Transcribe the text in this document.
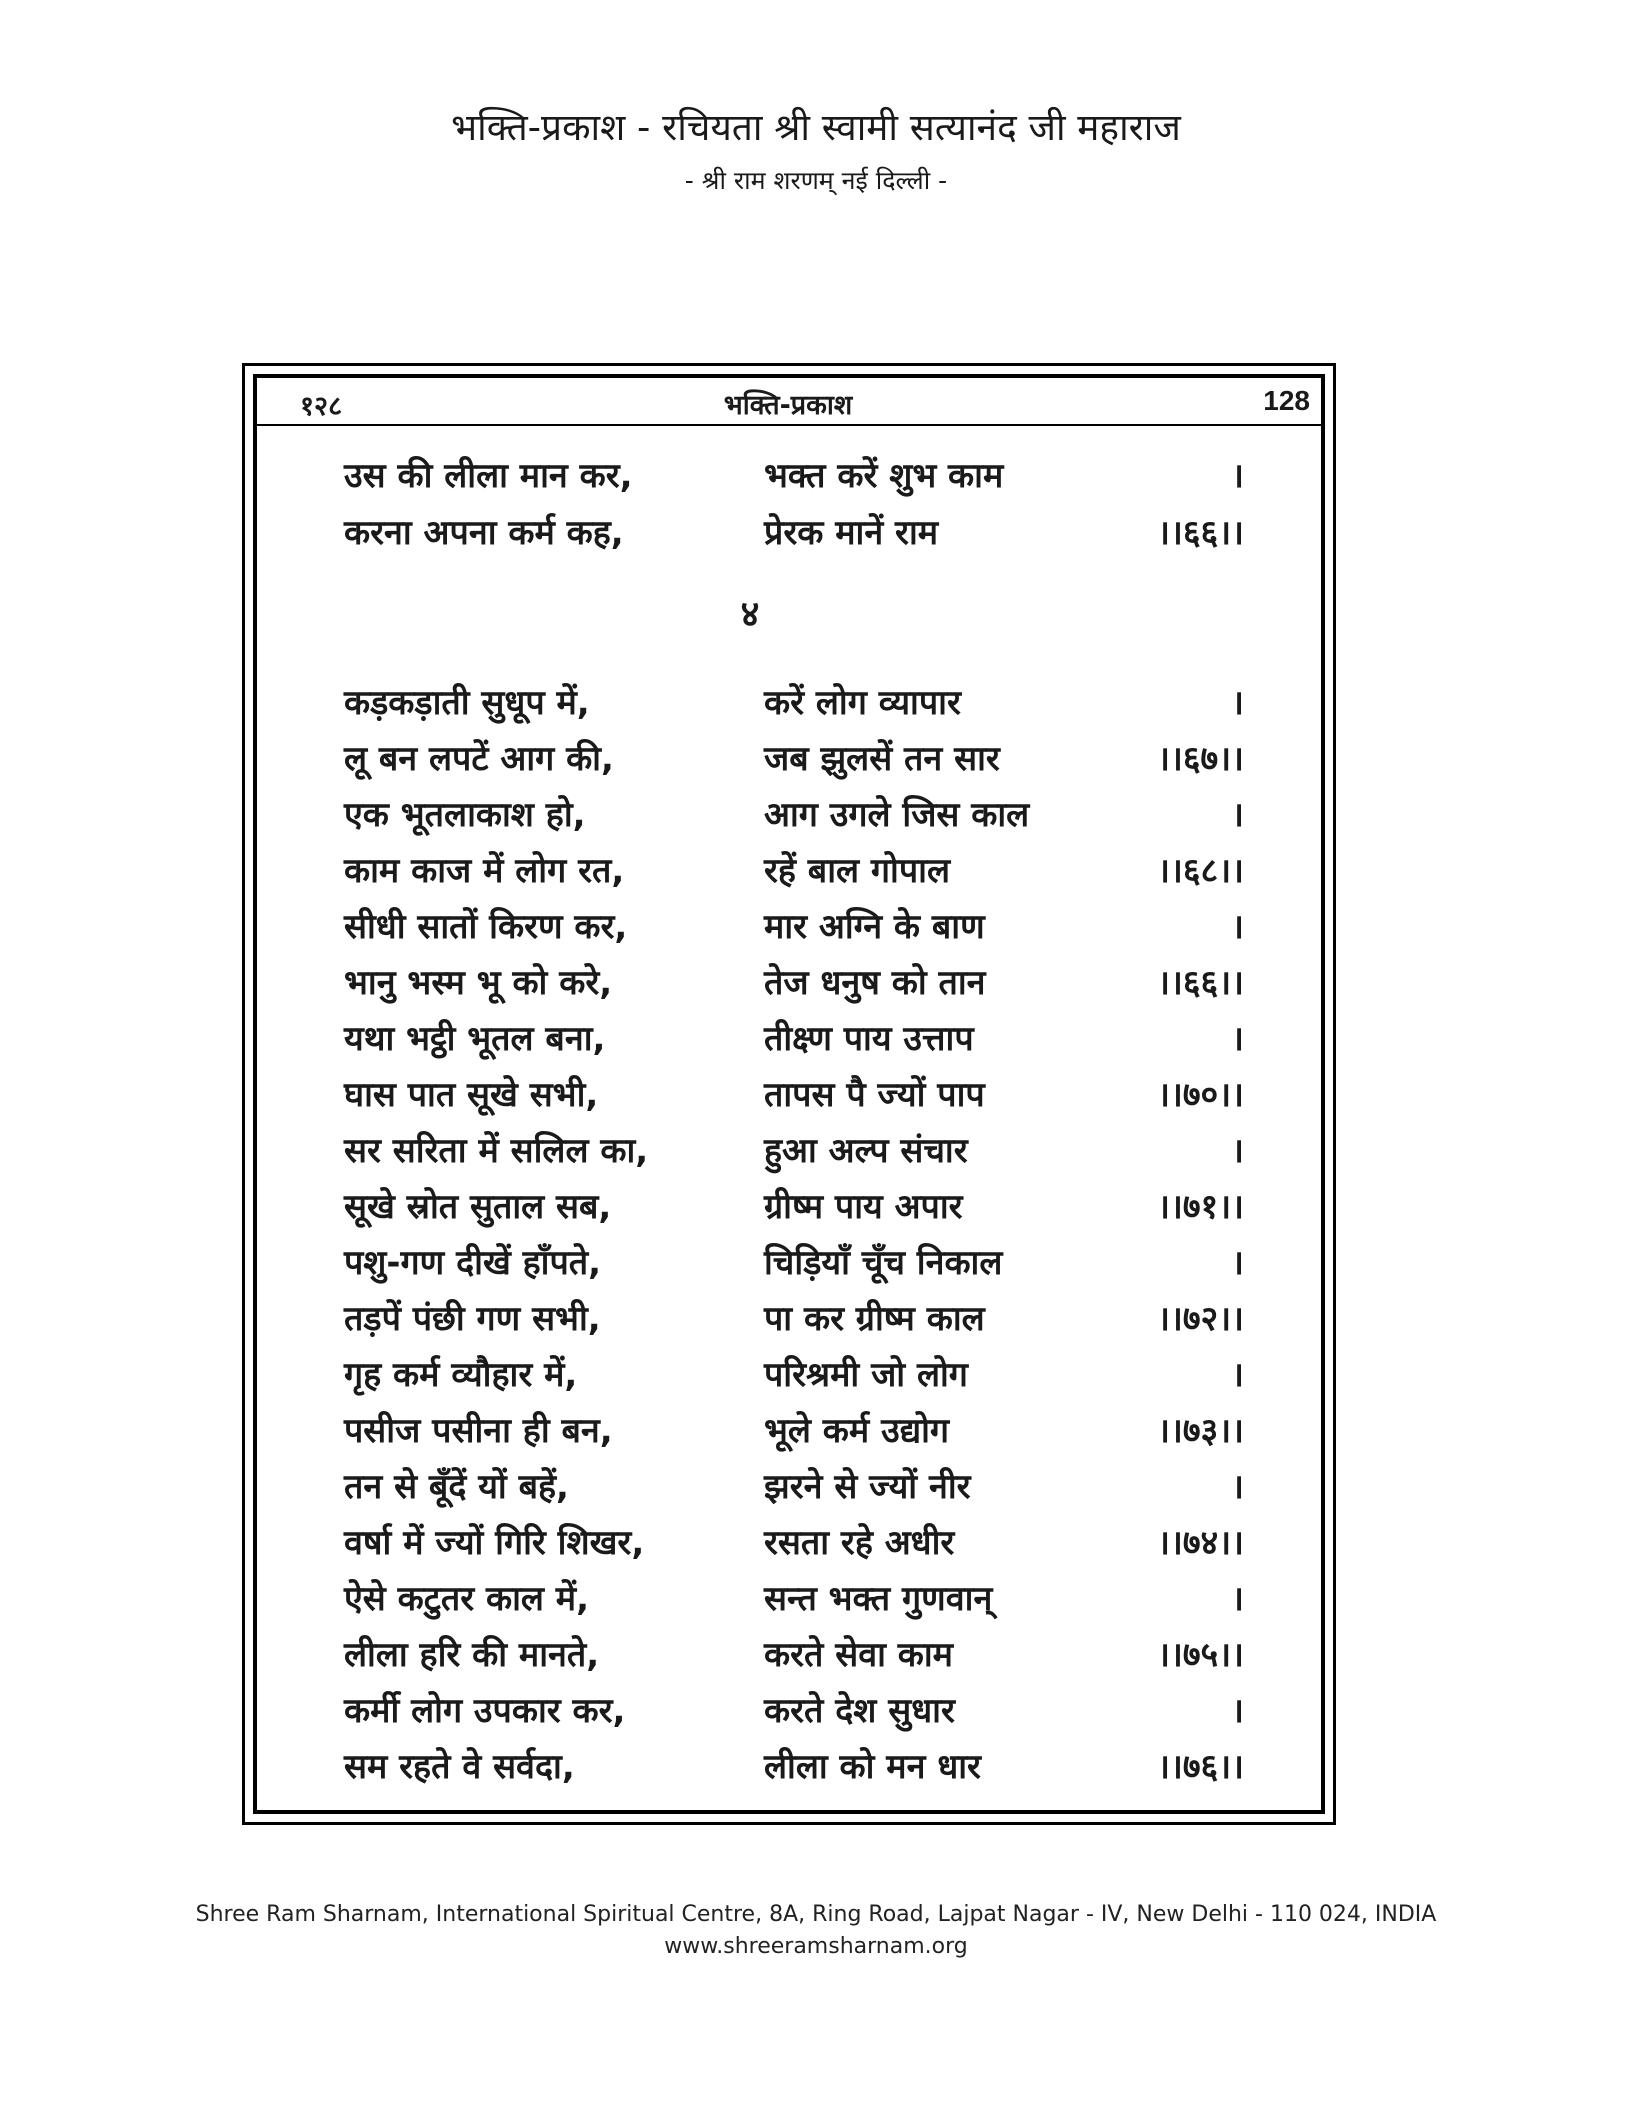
भक्ति-प्रकाश - रचियता श्री स्वामी सत्यानंद जी महाराज
- श्री राम शरणम् नई दिल्ली -
१२८	भक्ति-प्रकाश	128
४
उस की लीला मान कर,	भक्त करें शुभ काम	।
करना अपना कर्म कह,	प्रेरक मानें राम	।।६६।।
कड़कड़ाती सुधूप में,	करें लोग व्यापार	।
लू बन लपटें आग की,	जब झुलसें तन सार	।।६७।।
एक भूतलाकाश हो,	आग उगले जिस काल	।
काम काज में लोग रत,	रहें बाल गोपाल	।।६८।।
सीधी सातों किरण कर,	मार अग्नि के बाण	।
भानु भस्म भू को करे,	तेज धनुष को तान	।।६६।।
यथा भट्ठी भूतल बना,	तीक्ष्ण पाय उत्ताप	।
घास पात सूखे सभी,	तापस पै ज्यों पाप	।।७०।।
सर सरिता में सलिल का,	हुआ अल्प संचार	।
सूखे स्रोत सुताल सब,	ग्रीष्म पाय अपार	।।७१।।
पशु-गण दीखें हाँपते,	चिड़ियाँ चूँच निकाल	।
तड़पें पंछी गण सभी,	पा कर ग्रीष्म काल	।।७२।।
गृह कर्म व्यौहार में,	परिश्रमी जो लोग	।
पसीज पसीना ही बन,	भूले कर्म उद्योग	।।७३।।
तन से बूँदें यों बहें,	झरने से ज्यों नीर	।
वर्षा में ज्यों गिरि शिखर,	रसता रहे अधीर	।।७४।।
ऐसे कटुतर काल में,	सन्त भक्त गुणवान्	।
लीला हरि की मानते,	करते सेवा काम	।।७५।।
कर्मी लोग उपकार कर,	करते देश सुधार	।
सम रहते वे सर्वदा,	लीला को मन धार	।।७६।।
Shree Ram Sharnam, International Spiritual Centre, 8A, Ring Road, Lajpat Nagar - IV, New Delhi - 110 024, INDIA
www.shreeramsharnam.org
